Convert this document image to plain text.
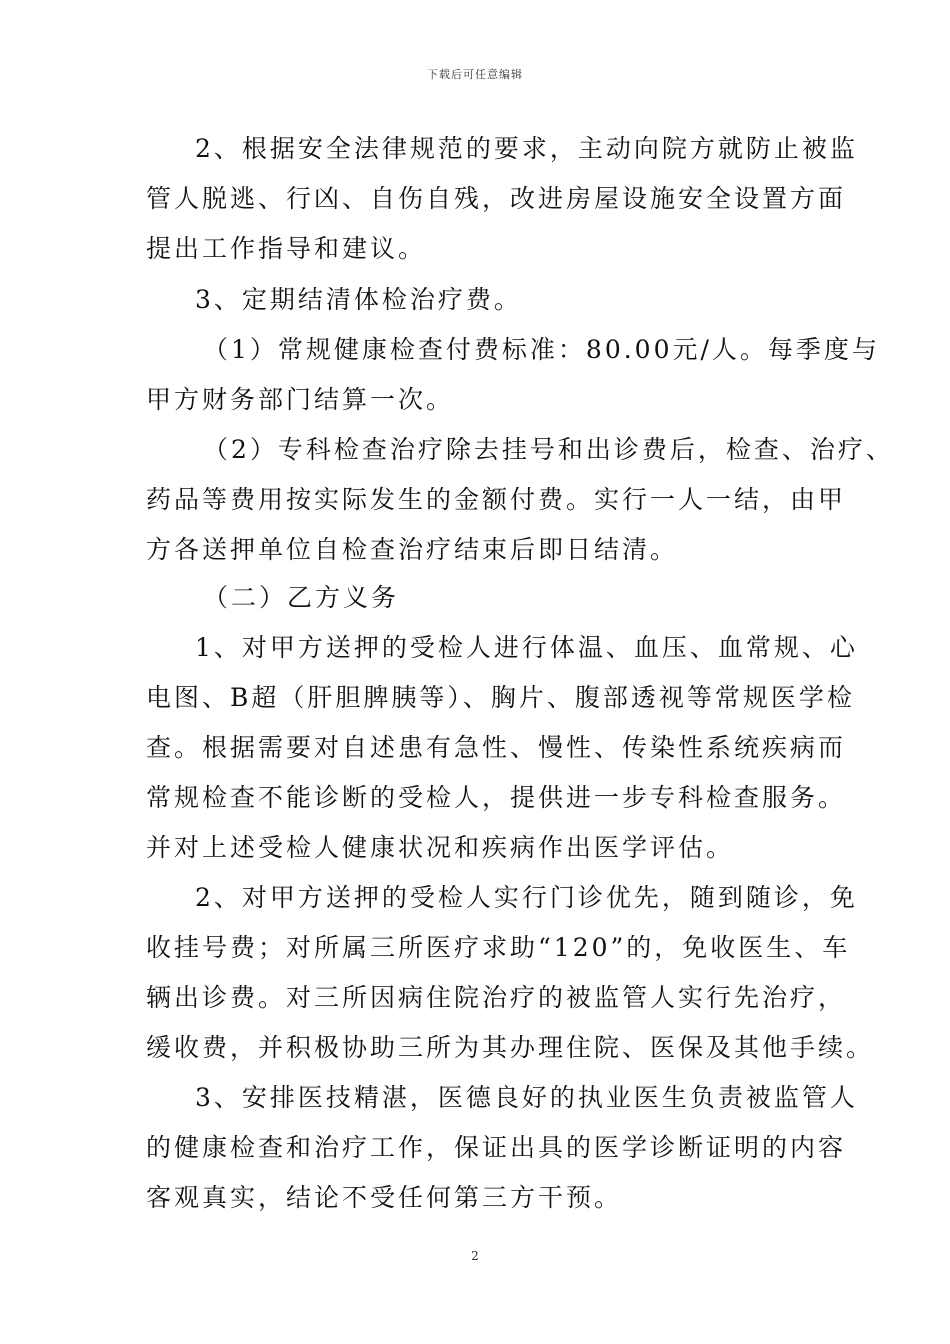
下载后可任意编辑
2、根据安全法律规范的要求，主动向院方就防止被监
管人脱逃、行凶、自伤自残，改进房屋设施安全设置方面
提出工作指导和建议。
3、定期结清体检治疗费。
（1）常规健康检查付费标准：80.00元/人。每季度与
甲方财务部门结算一次。
（2）专科检查治疗除去挂号和出诊费后，检查、治疗、
药品等费用按实际发生的金额付费。实行一人一结，由甲
方各送押单位自检查治疗结束后即日结清。
（二）乙方义务
1、对甲方送押的受检人进行体温、血压、血常规、心
电图、B超（肝胆脾胰等）、胸片、腹部透视等常规医学检
查。根据需要对自述患有急性、慢性、传染性系统疾病而
常规检查不能诊断的受检人，提供进一步专科检查服务。
并对上述受检人健康状况和疾病作出医学评估。
2、对甲方送押的受检人实行门诊优先，随到随诊，免
收挂号费；对所属三所医疗求助“120”的，免收医生、车
辆出诊费。对三所因病住院治疗的被监管人实行先治疗，
缓收费，并积极协助三所为其办理住院、医保及其他手续。
3、安排医技精湛，医德良好的执业医生负责被监管人
的健康检查和治疗工作，保证出具的医学诊断证明的内容
客观真实，结论不受任何第三方干预。
2
